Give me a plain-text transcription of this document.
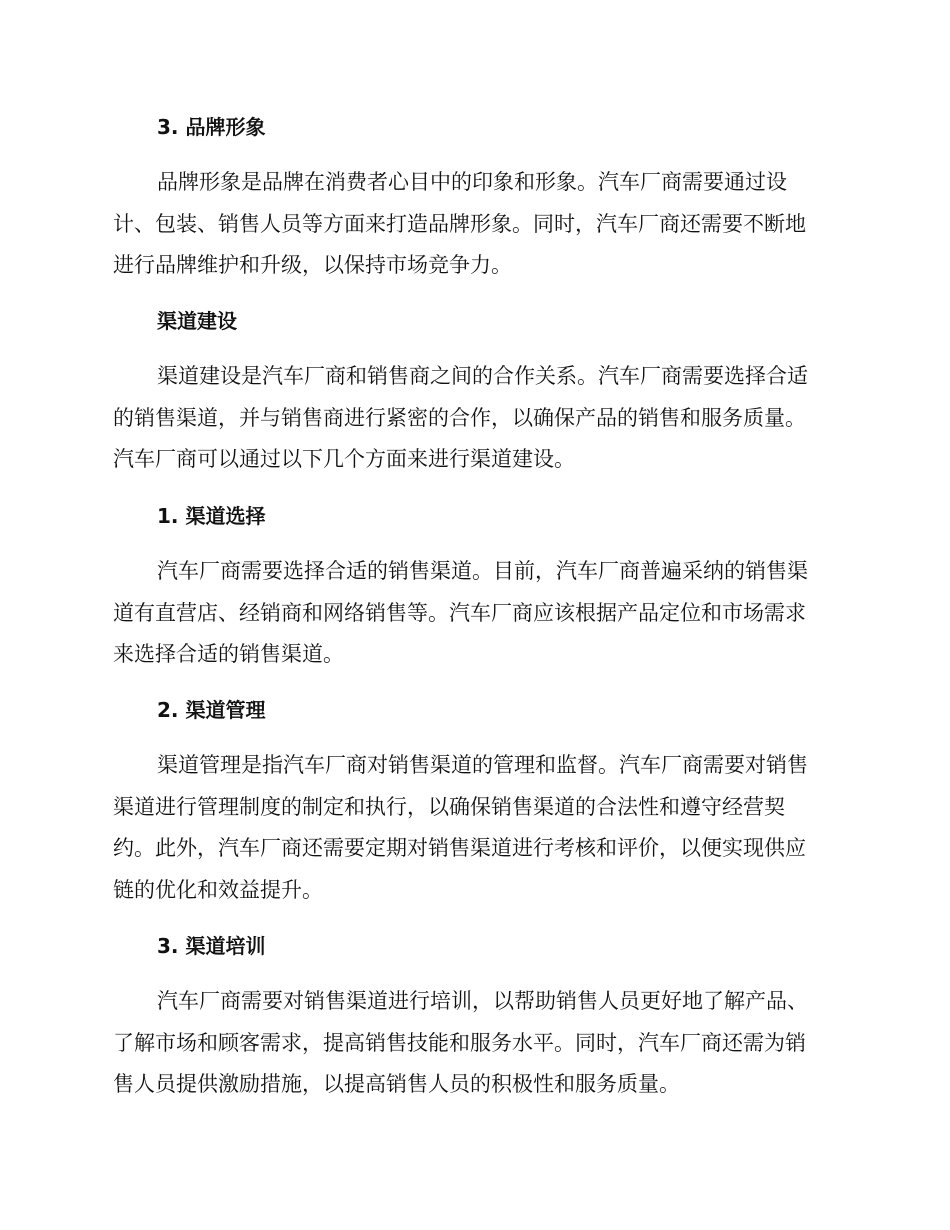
3. 品牌形象
品牌形象是品牌在消费者心目中的印象和形象。汽车厂商需要通过设
计、包装、销售人员等方面来打造品牌形象。同时，汽车厂商还需要不断地
进行品牌维护和升级，以保持市场竞争力。
渠道建设
渠道建设是汽车厂商和销售商之间的合作关系。汽车厂商需要选择合适
的销售渠道，并与销售商进行紧密的合作，以确保产品的销售和服务质量。
汽车厂商可以通过以下几个方面来进行渠道建设。
1. 渠道选择
汽车厂商需要选择合适的销售渠道。目前，汽车厂商普遍采纳的销售渠
道有直营店、经销商和网络销售等。汽车厂商应该根据产品定位和市场需求
来选择合适的销售渠道。
2. 渠道管理
渠道管理是指汽车厂商对销售渠道的管理和监督。汽车厂商需要对销售
渠道进行管理制度的制定和执行，以确保销售渠道的合法性和遵守经营契
约。此外，汽车厂商还需要定期对销售渠道进行考核和评价，以便实现供应
链的优化和效益提升。
3. 渠道培训
汽车厂商需要对销售渠道进行培训，以帮助销售人员更好地了解产品、
了解市场和顾客需求，提高销售技能和服务水平。同时，汽车厂商还需为销
售人员提供激励措施，以提高销售人员的积极性和服务质量。
